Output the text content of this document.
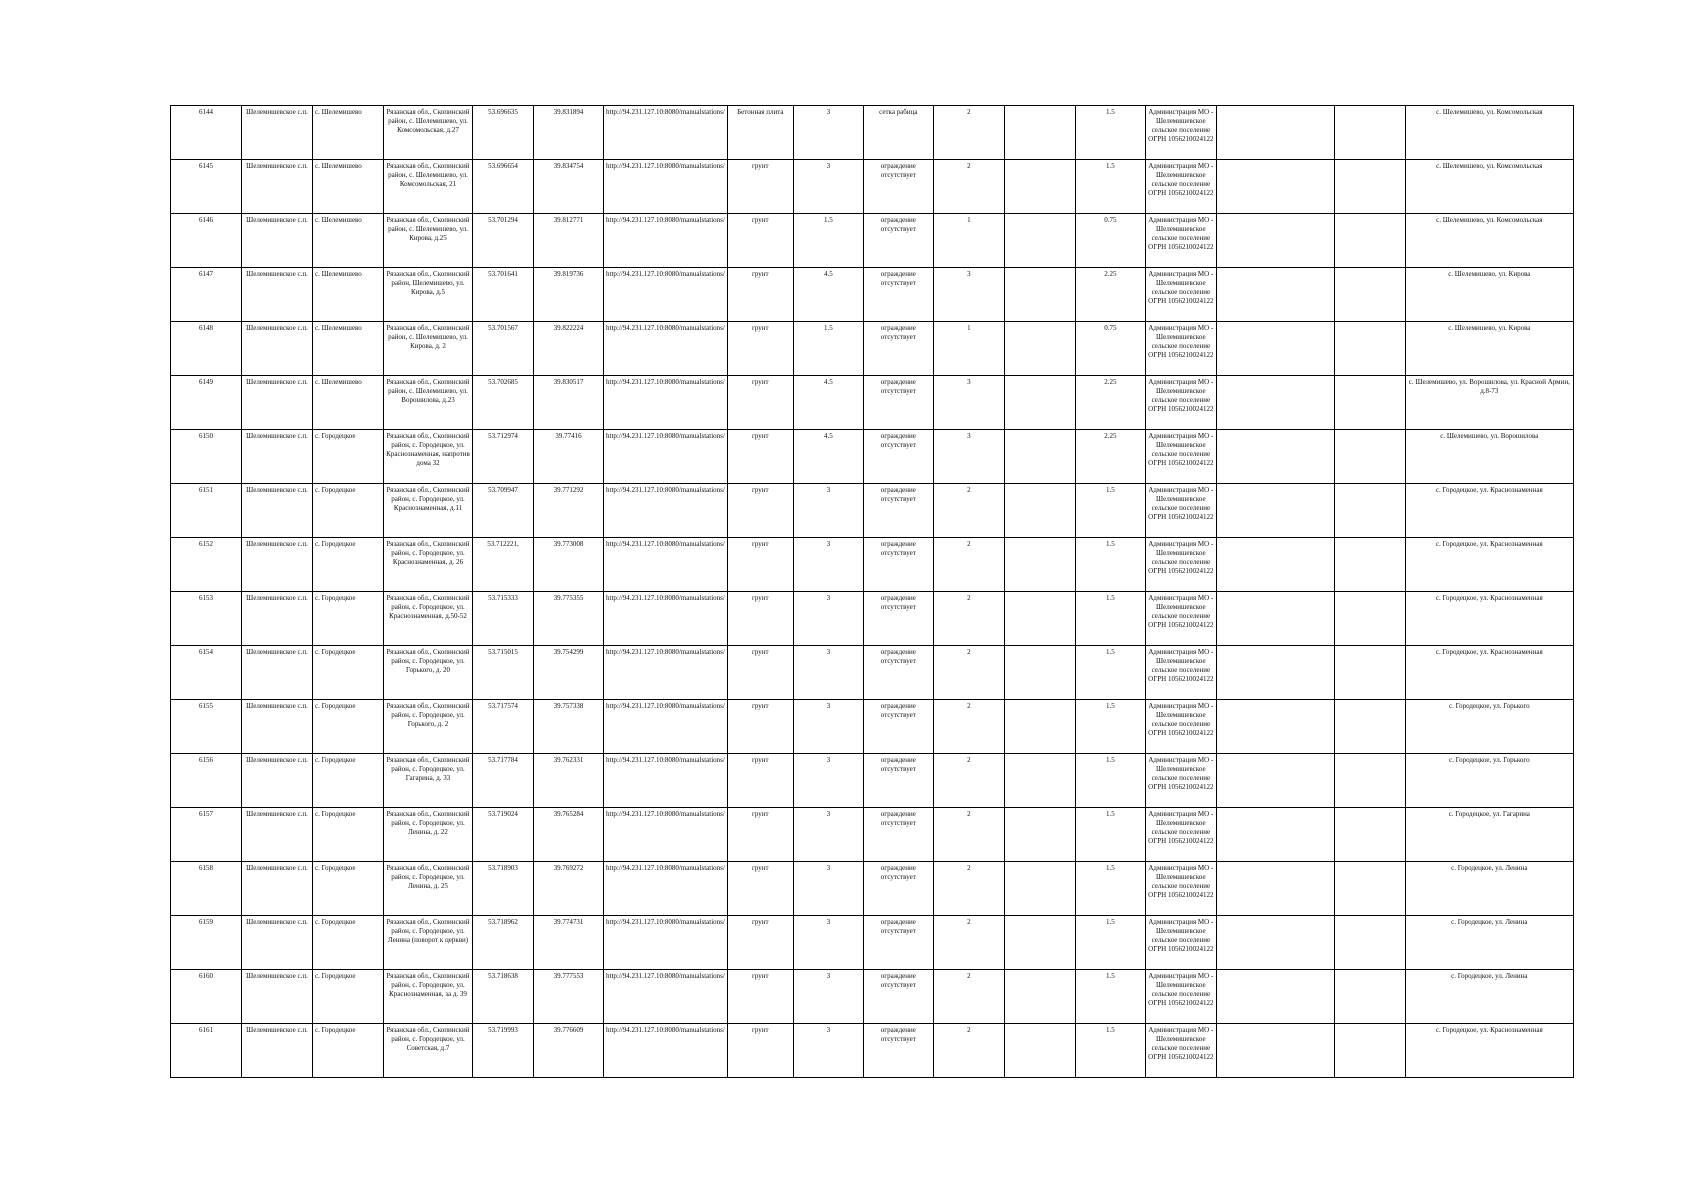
6144	Шелемишевское с.п.	с. Шелемишево	Рязанская обл., Скопинский район, с. Шелемишево, ул. Комсомольская, д.27	53.696635	39.831894	http://94.231.127.10:8080/manualstations/	Бетонная плита	3	сетка рабица	2		1.5	Администрация МО - Шелемишевское сельское поселение ОГРН 1056210024122			с. Шелемишево, ул. Комсомольская
6145	Шелемишевское с.п.	с. Шелемишево	Рязанская обл., Скопинский район, с. Шелемишево, ул. Комсомольская, 21	53.696654	39.834754	http://94.231.127.10:8080/manualstations/	грунт	3	ограждение отсутствует	2		1.5	Администрация МО - Шелемишевское сельское поселение ОГРН 1056210024122			с. Шелемишево, ул. Комсомольская
6146	Шелемишевское с.п.	с. Шелемишево	Рязанская обл., Скопинский район, с. Шелемишево, ул. Кирова, д.25	53.701294	39.812771	http://94.231.127.10:8080/manualstations/	грунт	1.5	ограждение отсутствует	1		0.75	Администрация МО - Шелемишевское сельское поселение ОГРН 1056210024122			с. Шелемишево, ул. Комсомольская
6147	Шелемишевское с.п.	с. Шелемишево	Рязанская обл., Скопинский район, Шелемишево, ул. Кирова, д.5	53.701641	39.819736	http://94.231.127.10:8080/manualstations/	грунт	4.5	ограждение отсутствует	3		2.25	Администрация МО - Шелемишевское сельское поселение ОГРН 1056210024122			с. Шелемишево, ул. Кирова
6148	Шелемишевское с.п.	с. Шелемишево	Рязанская обл., Скопинский район, с. Шелемишево, ул. Кирова, д. 2	53.701567	39.822224	http://94.231.127.10:8080/manualstations/	грунт	1.5	ограждение отсутствует	1		0.75	Администрация МО - Шелемишевское сельское поселение ОГРН 1056210024122			с. Шелемишево, ул. Кирова
6149	Шелемишевское с.п.	с. Шелемишево	Рязанская обл., Скопинский район, с. Шелемишево, ул. Ворошилова, д.23	53.702685	39.830517	http://94.231.127.10:8080/manualstations/	грунт	4.5	ограждение отсутствует	3		2.25	Администрация МО - Шелемишевское сельское поселение ОГРН 1056210024122			с. Шелемишево, ул. Ворошилова, ул. Красной Армии, д.8-73
6150	Шелемишевское с.п.	с. Городецкое	Рязанская обл., Скопинский район, с. Городецкое, ул. Краснознаменная, напротив дома 32	53.712974	39.77416	http://94.231.127.10:8080/manualstations/	грунт	4.5	ограждение отсутствует	3		2.25	Администрация МО - Шелемишевское сельское поселение ОГРН 1056210024122			с. Шелемишево, ул. Ворошилова
6151	Шелемишевское с.п.	с. Городецкое	Рязанская обл., Скопинский район, с. Городецкое, ул. Краснознаменная, д.11	53.709947	39.771292	http://94.231.127.10:8080/manualstations/	грунт	3	ограждение отсутствует	2		1.5	Администрация МО - Шелемишевское сельское поселение ОГРН 1056210024122			с. Городецкое, ул. Краснознаменная
6152	Шелемишевское с.п.	с. Городецкое	Рязанская обл., Скопинский район, с. Городецкое, ул. Краснознаменная, д. 26	53.712221,	39.773008	http://94.231.127.10:8080/manualstations/	грунт	3	ограждение отсутствует	2		1.5	Администрация МО - Шелемишевское сельское поселение ОГРН 1056210024122			с. Городецкое, ул. Краснознаменная
6153	Шелемишевское с.п.	с. Городецкое	Рязанская обл., Скопинский район, с. Городецкое, ул. Краснознаменная, д.50-52	53.715333	39.775355	http://94.231.127.10:8080/manualstations/	грунт	3	ограждение отсутствует	2		1.5	Администрация МО - Шелемишевское сельское поселение ОГРН 1056210024122			с. Городецкое, ул. Краснознаменная
6154	Шелемишевское с.п.	с. Городецкое	Рязанская обл., Скопинский район, с. Городецкое, ул. Горького, д. 20	53.715015	39.754299	http://94.231.127.10:8080/manualstations/	грунт	3	ограждение отсутствует	2		1.5	Администрация МО - Шелемишевское сельское поселение ОГРН 1056210024122			с. Городецкое, ул. Краснознаменная
6155	Шелемишевское с.п.	с. Городецкое	Рязанская обл., Скопинский район, с. Городецкое, ул. Горького, д. 2	53.717574	39.757338	http://94.231.127.10:8080/manualstations/	грунт	3	ограждение отсутствует	2		1.5	Администрация МО - Шелемишевское сельское поселение ОГРН 1056210024122			с. Городецкое, ул. Горького
6156	Шелемишевское с.п.	с. Городецкое	Рязанская обл., Скопинский район, с. Городецкое, ул. Гагарина, д. 33	53.717784	39.762331	http://94.231.127.10:8080/manualstations/	грунт	3	ограждение отсутствует	2		1.5	Администрация МО - Шелемишевское сельское поселение ОГРН 1056210024122			с. Городецкое, ул. Горького
6157	Шелемишевское с.п.	с. Городецкое	Рязанская обл., Скопинский район, с. Городецкое, ул. Ленина, д. 22	53.719024	39.765284	http://94.231.127.10:8080/manualstations/	грунт	3	ограждение отсутствует	2		1.5	Администрация МО - Шелемишевское сельское поселение ОГРН 1056210024122			с. Городецкое, ул. Гагарина
6158	Шелемишевское с.п.	с. Городецкое	Рязанская обл., Скопинский район, с. Городецкое, ул. Ленина, д. 25	53.718903	39.769272	http://94.231.127.10:8080/manualstations/	грунт	3	ограждение отсутствует	2		1.5	Администрация МО - Шелемишевское сельское поселение ОГРН 1056210024122			с. Городецкое, ул. Ленина
6159	Шелемишевское с.п.	с. Городецкое	Рязанская обл., Скопинский район, с. Городецкое, ул. Ленина (поворот к церкви)	53.718962	39.774731	http://94.231.127.10:8080/manualstations/	грунт	3	ограждение отсутствует	2		1.5	Администрация МО - Шелемишевское сельское поселение ОГРН 1056210024122			с. Городецкое, ул. Ленина
6160	Шелемишевское с.п.	с. Городецкое	Рязанская обл., Скопинский район, с. Городецкое, ул. Краснознаменная, за д. 39	53.718638	39.777553	http://94.231.127.10:8080/manualstations/	грунт	3	ограждение отсутствует	2		1.5	Администрация МО - Шелемишевское сельское поселение ОГРН 1056210024122			с. Городецкое, ул. Ленина
6161	Шелемишевское с.п.	с. Городецкое	Рязанская обл., Скопинский район, с. Городецкое, ул. Советская, д.7	53.719993	39.776609	http://94.231.127.10:8080/manualstations/	грунт	3	ограждение отсутствует	2		1.5	Администрация МО - Шелемишевское сельское поселение ОГРН 1056210024122			с. Городецкое, ул. Краснознаменная
